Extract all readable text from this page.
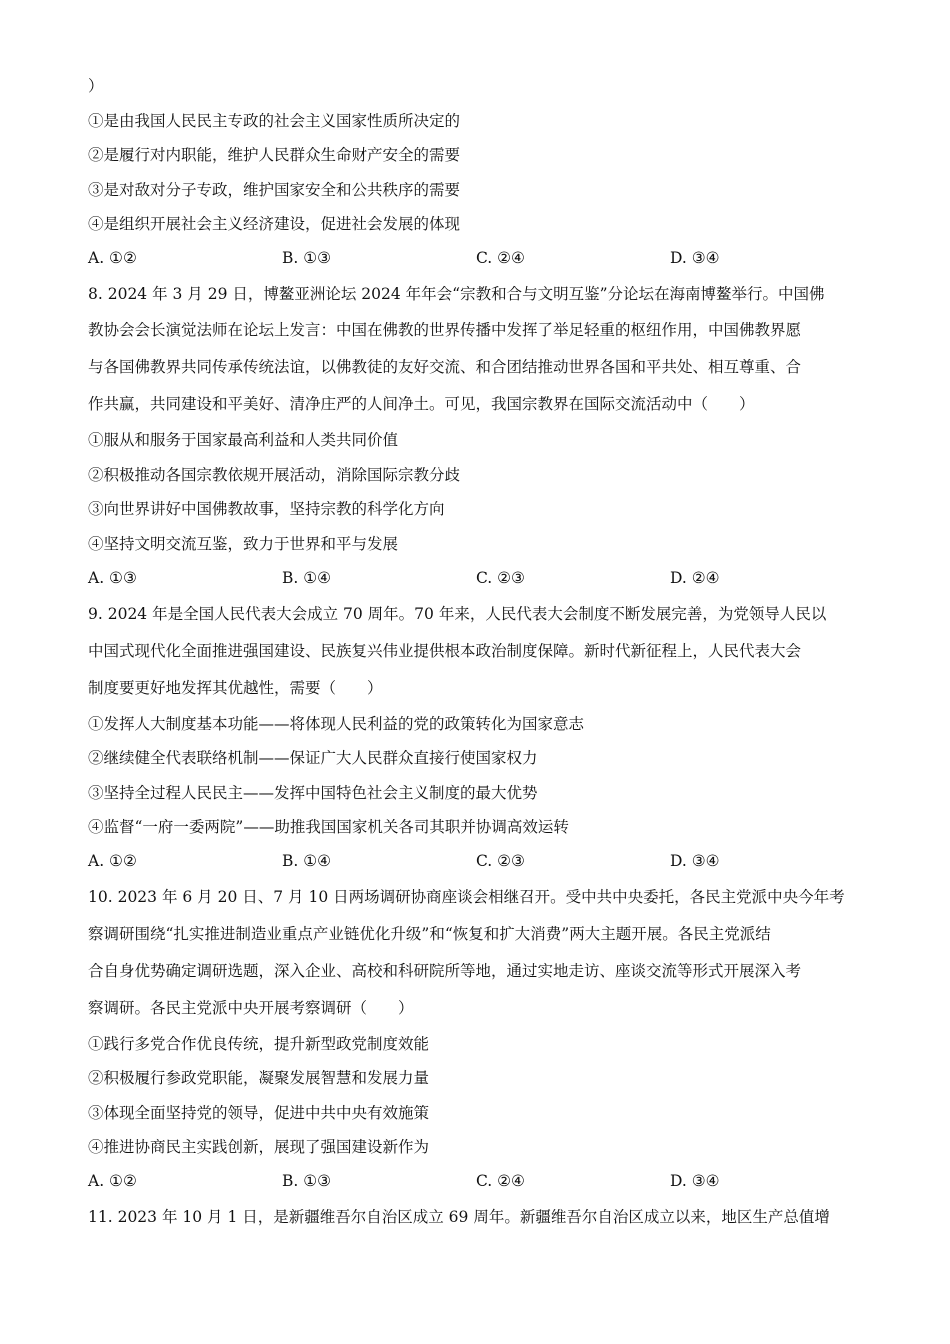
）
①是由我国人民民主专政的社会主义国家性质所决定的
②是履行对内职能，维护人民群众生命财产安全的需要
③是对敌对分子专政，维护国家安全和公共秩序的需要
④是组织开展社会主义经济建设，促进社会发展的体现
A. ①②	B. ①③	C. ②④	D. ③④
8. 2024 年 3 月 29 日，博鳌亚洲论坛 2024 年年会“宗教和合与文明互鉴”分论坛在海南博鳌举行。中国佛
教协会会长演觉法师在论坛上发言：中国在佛教的世界传播中发挥了举足轻重的枢纽作用，中国佛教界愿
与各国佛教界共同传承传统法谊，以佛教徒的友好交流、和合团结推动世界各国和平共处、相互尊重、合
作共赢，共同建设和平美好、清净庄严的人间净土。可见，我国宗教界在国际交流活动中（　　）
①服从和服务于国家最高利益和人类共同价值
②积极推动各国宗教依规开展活动，消除国际宗教分歧
③向世界讲好中国佛教故事，坚持宗教的科学化方向
④坚持文明交流互鉴，致力于世界和平与发展
A. ①③	B. ①④	C. ②③	D. ②④
9. 2024 年是全国人民代表大会成立 70 周年。70 年来，人民代表大会制度不断发展完善，为党领导人民以
中国式现代化全面推进强国建设、民族复兴伟业提供根本政治制度保障。新时代新征程上，人民代表大会
制度要更好地发挥其优越性，需要（　　）
①发挥人大制度基本功能——将体现人民利益的党的政策转化为国家意志
②继续健全代表联络机制——保证广大人民群众直接行使国家权力
③坚持全过程人民民主——发挥中国特色社会主义制度的最大优势
④监督“一府一委两院”——助推我国国家机关各司其职并协调高效运转
A. ①②	B. ①④	C. ②③	D. ③④
10. 2023 年 6 月 20 日、7 月 10 日两场调研协商座谈会相继召开。受中共中央委托，各民主党派中央今年考
察调研围绕“扎实推进制造业重点产业链优化升级”和“恢复和扩大消费”两大主题开展。各民主党派结
合自身优势确定调研选题，深入企业、高校和科研院所等地，通过实地走访、座谈交流等形式开展深入考
察调研。各民主党派中央开展考察调研（　　）
①践行多党合作优良传统，提升新型政党制度效能
②积极履行参政党职能，凝聚发展智慧和发展力量
③体现全面坚持党的领导，促进中共中央有效施策
④推进协商民主实践创新，展现了强国建设新作为
A. ①②	B. ①③	C. ②④	D. ③④
11. 2023 年 10 月 1 日，是新疆维吾尔自治区成立 69 周年。新疆维吾尔自治区成立以来，地区生产总值增
